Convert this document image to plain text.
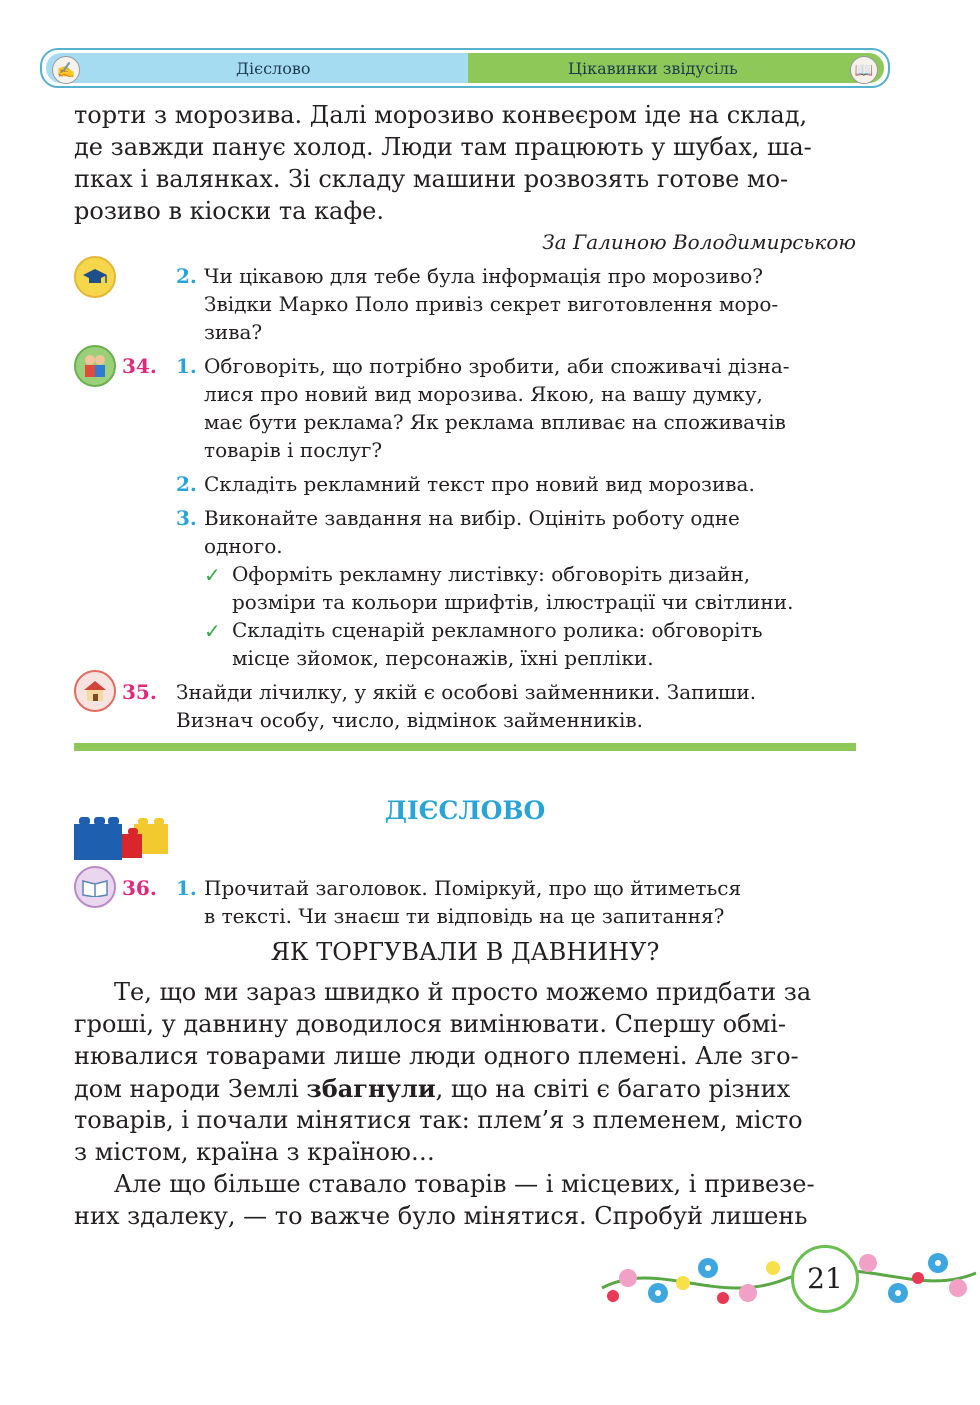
✍	Дієслово	Цікавинки звідусіль	📖
торти з морозива. Далі морозиво конвеєром іде на склад,
де завжди панує холод. Люди там працюють у шубах, ша-
пках і валянках. Зі складу машини розвозять готове мо-
розиво в кіоски та кафе.
За Галиною Володимирською
2. Чи цікавою для тебе була інформація про морозиво?
Звідки Марко Поло привіз секрет виготовлення моро-
зива?
34. 1. Обговоріть, що потрібно зробити, аби споживачі дізна-
лися про новий вид морозива. Якою, на вашу думку,
має бути реклама? Як реклама впливає на споживачів
товарів і послуг?
2. Складіть рекламний текст про новий вид морозива.
3. Виконайте завдання на вибір. Оцініть роботу одне
одного.
✓ Оформіть рекламну листівку: обговоріть дизайн,
розміри та кольори шрифтів, ілюстрації чи світлини.
✓ Складіть сценарій рекламного ролика: обговоріть
місце зйомок, персонажів, їхні репліки.
35. Знайди лічилку, у якій є особові займенники. Запиши.
Визнач особу, число, відмінок займенників.
ДІЄСЛОВО
36. 1. Прочитай заголовок. Поміркуй, про що йтиметься
в тексті. Чи знаєш ти відповідь на це запитання?
ЯК ТОРГУВАЛИ В ДАВНИНУ?
Те, що ми зараз швидко й просто можемо придбати за
гроші, у давнину доводилося вимінювати. Спершу обмі-
нювалися товарами лише люди одного племені. Але зго-
дом народи Землі збагнули, що на світі є багато різних
товарів, і почали мінятися так: плем’я з племенем, місто
з містом, країна з країною…
Але що більше ставало товарів — і місцевих, і привезе-
них здалеку, — то важче було мінятися. Спробуй лишень
21
